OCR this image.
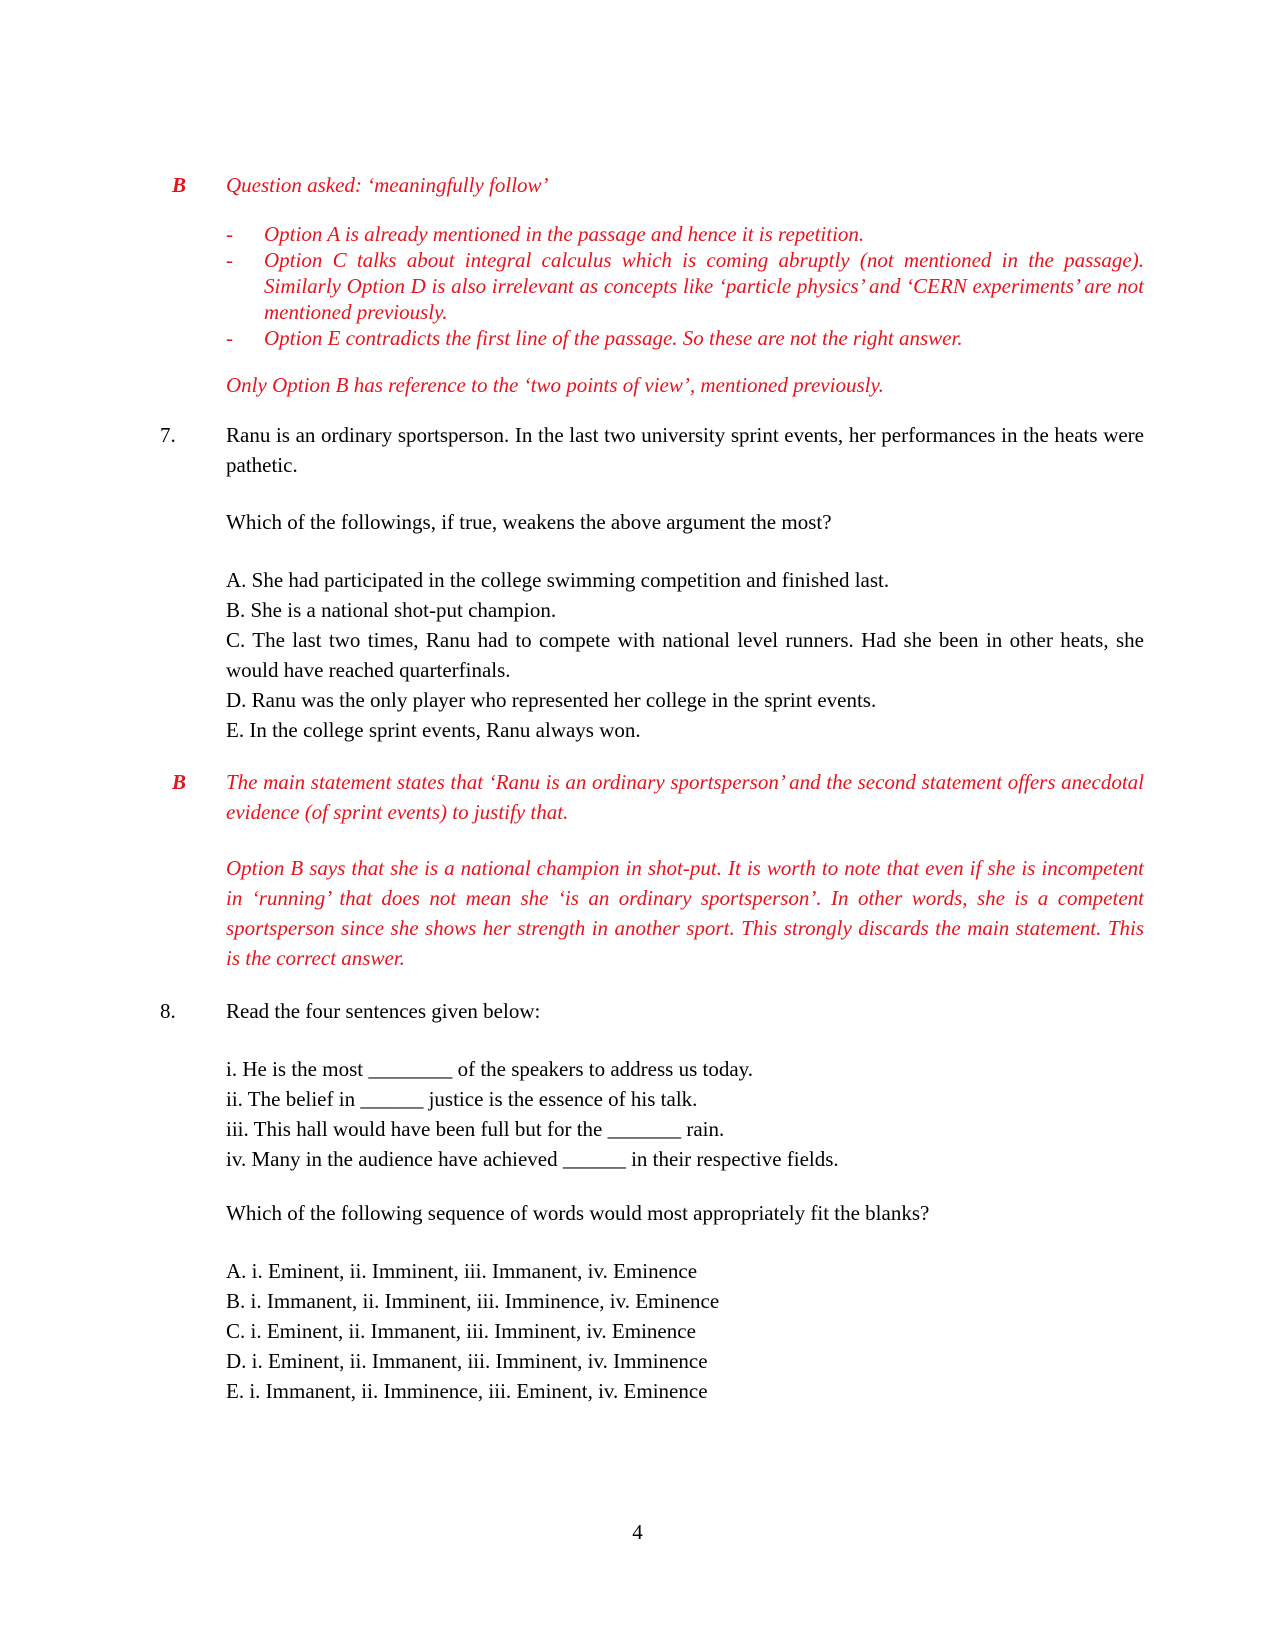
B Question asked: ‘meaningfully follow’
- Option A is already mentioned in the passage and hence it is repetition.
- Option C talks about integral calculus which is coming abruptly (not mentioned in the passage). Similarly Option D is also irrelevant as concepts like ‘particle physics’ and ‘CERN experiments’ are not mentioned previously.
- Option E contradicts the first line of the passage. So these are not the right answer.
Only Option B has reference to the ‘two points of view’, mentioned previously.
7. Ranu is an ordinary sportsperson. In the last two university sprint events, her performances in the heats were pathetic.
Which of the followings, if true, weakens the above argument the most?
A. She had participated in the college swimming competition and finished last.
B. She is a national shot-put champion.
C. The last two times, Ranu had to compete with national level runners. Had she been in other heats, she would have reached quarterfinals.
D. Ranu was the only player who represented her college in the sprint events.
E. In the college sprint events, Ranu always won.
B The main statement states that ‘Ranu is an ordinary sportsperson’ and the second statement offers anecdotal evidence (of sprint events) to justify that.
Option B says that she is a national champion in shot-put. It is worth to note that even if she is incompetent in ‘running’ that does not mean she ‘is an ordinary sportsperson’. In other words, she is a competent sportsperson since she shows her strength in another sport. This strongly discards the main statement. This is the correct answer.
8. Read the four sentences given below:
i. He is the most ________ of the speakers to address us today.
ii. The belief in ______ justice is the essence of his talk.
iii. This hall would have been full but for the _______ rain.
iv. Many in the audience have achieved ______ in their respective fields.
Which of the following sequence of words would most appropriately fit the blanks?
A. i. Eminent, ii. Imminent, iii. Immanent, iv. Eminence
B. i. Immanent, ii. Imminent, iii. Imminence, iv. Eminence
C. i. Eminent, ii. Immanent, iii. Imminent, iv. Eminence
D. i. Eminent, ii. Immanent, iii. Imminent, iv. Imminence
E. i. Immanent, ii. Imminence, iii. Eminent, iv. Eminence
4
